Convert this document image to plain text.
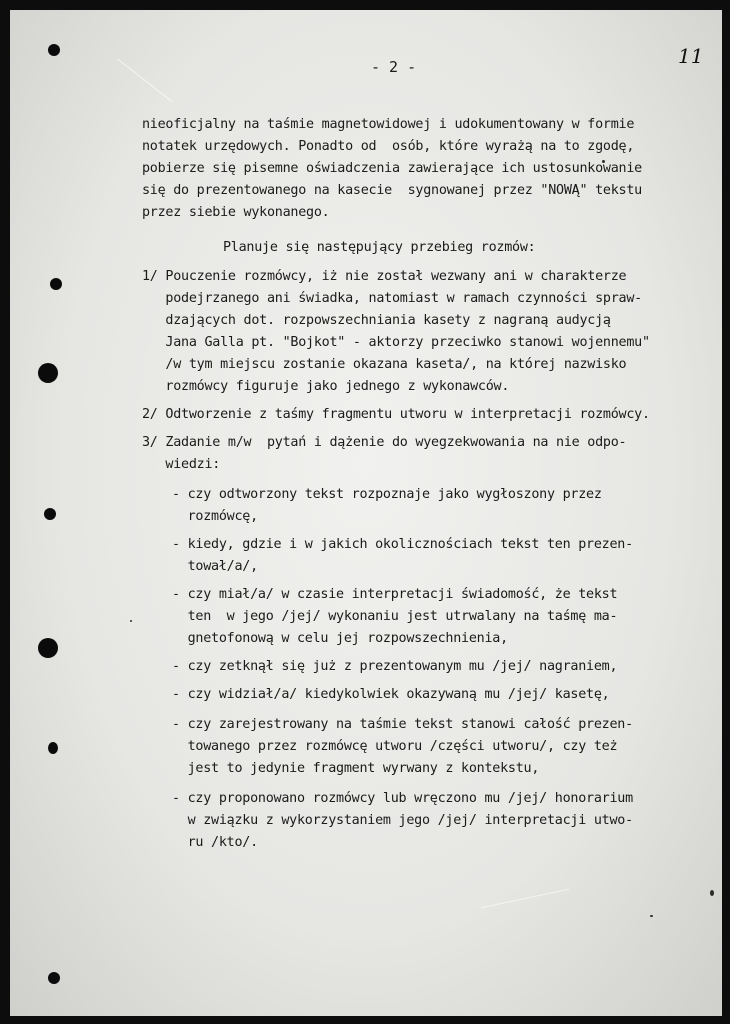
- 2 -	11
nieoficjalny na taśmie magnetowidowej i udokumentowany w formie
notatek urzędowych. Ponadto od  osób, które wyrażą na to zgodę,
pobierze się pisemne oświadczenia zawierające ich ustosunkowanie
się do prezentowanego na kasecie  sygnowanej przez "NOWĄ" tekstu
przez siebie wykonanego.
Planuje się następujący przebieg rozmów:
1/ Pouczenie rozmówcy, iż nie został wezwany ani w charakterze
podejrzanego ani świadka, natomiast w ramach czynności spraw-
dzających dot. rozpowszechniania kasety z nagraną audycją
Jana Galla pt. "Bojkot" - aktorzy przeciwko stanowi wojennemu"
/w tym miejscu zostanie okazana kaseta/, na której nazwisko
rozmówcy figuruje jako jednego z wykonawców.
2/ Odtworzenie z taśmy fragmentu utworu w interpretacji rozmówcy.
3/ Zadanie m/w  pytań i dążenie do wyegzekwowania na nie odpo-
wiedzi:
- czy odtworzony tekst rozpoznaje jako wygłoszony przez
rozmówcę,
- kiedy, gdzie i w jakich okolicznościach tekst ten prezen-
tował/a/,
- czy miał/a/ w czasie interpretacji świadomość, że tekst
ten  w jego /jej/ wykonaniu jest utrwalany na taśmę ma-
gnetofonową w celu jej rozpowszechnienia,
- czy zetknął się już z prezentowanym mu /jej/ nagraniem,
- czy widział/a/ kiedykolwiek okazywaną mu /jej/ kasetę,
- czy zarejestrowany na taśmie tekst stanowi całość prezen-
towanego przez rozmówcę utworu /części utworu/, czy też
jest to jedynie fragment wyrwany z kontekstu,
- czy proponowano rozmówcy lub wręczono mu /jej/ honorarium
w związku z wykorzystaniem jego /jej/ interpretacji utwo-
ru /kto/.
